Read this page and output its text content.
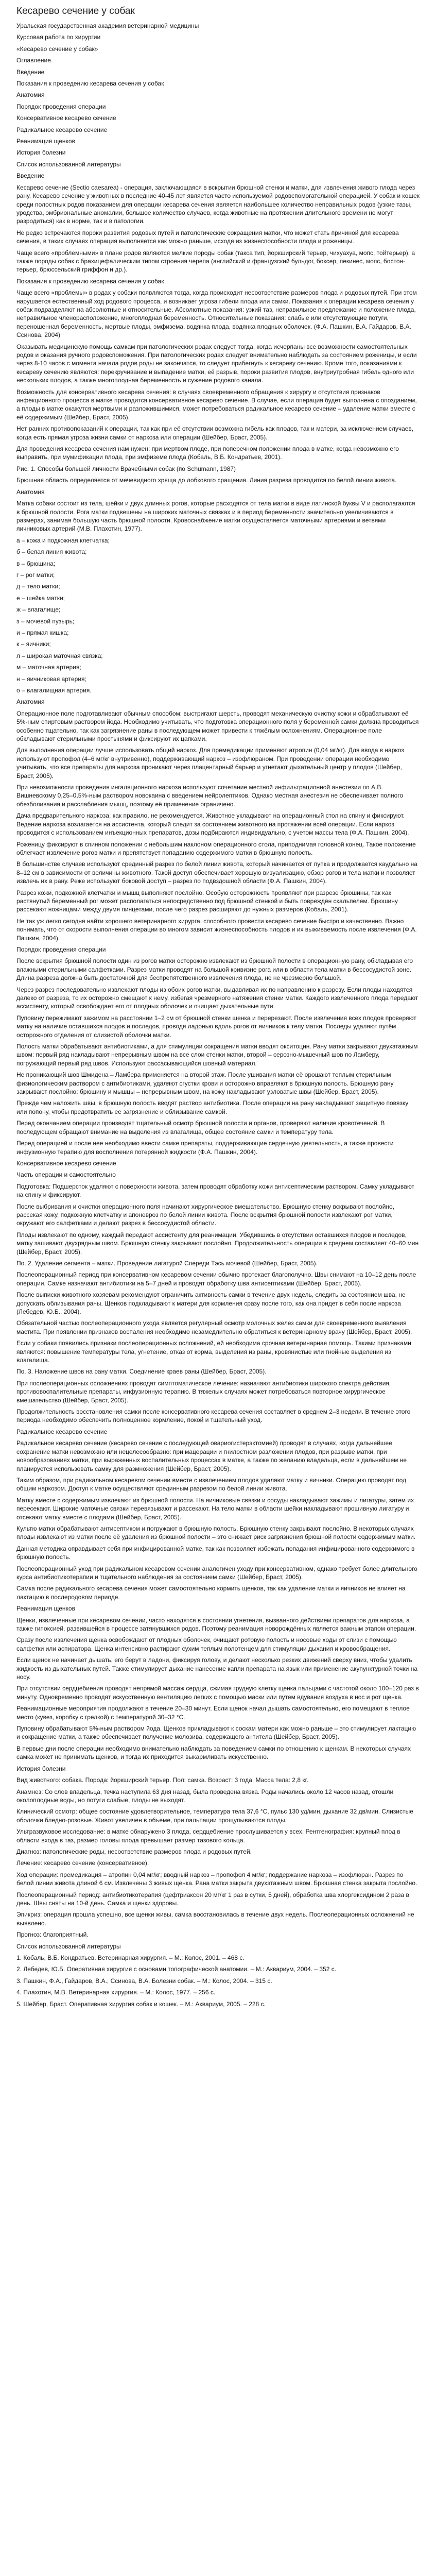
Кесарево сечение у собак

Уральская государственная академия ветеринарной медицины

Курсовая работа по хирургии

«Кесарево сечение у собак»

Оглавление

Введение

Показания к проведению кесарева сечения у собак

Анатомия

Порядок проведения операции

Консервативное кесарево сечение

Радикальное кесарево сечение

Реанимация щенков

История болезни

Список использованной литературы

Введение

Кесарево сечение (Sectio caesarea) - операция, заключающаяся в вскрытии брюшной стенки и матки, для извлечения живого плода через рану. Кесарево сечение у животных в последние 40-45 лет является часто используемой родовспомогательной операцией. У собак и кошек среди полостных родов показанием для операции кесарева сечения является наибольшее количество неправильных родов (узкие тазы, уродства, эмбриональные аномалии, большое количество случаев, когда животные на протяжении длительного времени не могут разродиться) как в норме, так и в патологии.

Не редко встречаются пороки развития родовых путей и патологические сокращения матки, что может стать причиной для кесарева сечения, в таких случаях операция выполняется как можно раньше, исходя из жизнеспособности плода и роженицы.

Чаще всего «проблемными» в плане родов являются мелкие породы собак (такса тип, йоркширский терьер, чихуахуа, мопс, тойтерьер), а также породы собак с брахицефалическим типом строения черепа (английский и французский бульдог, боксер, пекинес, мопс, бостон-терьер, брюссельский гриффон и др.).

Показания к проведению кесарева сечения у собак

Чаще всего «проблемы» в родах у собаки появляются тогда, когда происходит несоответствие размеров плода и родовых путей. При этом нарушается естественный ход родового процесса, и возникает угроза гибели плода или самки. Показания к операции кесарева сечения у собак подразделяют на абсолютные и относительные. Абсолютные показания: узкий таз, неправильное предлежание и положение плода, неправильное членорасположение, многоплодная беременность. Относительные показания: слабые или отсутствующие потуги, переношенная беременность, мертвые плоды, эмфизема, водянка плода, водянка плодных оболочек. (Ф.А. Пашкин, В.А. Гайдаров, В.А. Ссинова, 2004)

Оказывать медицинскую помощь самкам при патологических родах следует тогда, когда исчерпаны все возможности самостоятельных родов и оказания ручного родовспоможения. При патологических родах следует внимательно наблюдать за состоянием роженицы, и если через 8-10 часов с момента начала родов роды не закончатся, то следует прибегнуть к кесареву сечению. Кроме того, показаниями к кесареву сечению являются: перекручивание и выпадение матки, её разрыв, пороки развития плодов, внутриутробная гибель одного или нескольких плодов, а также многоплодная беременность и сужение родового канала.

Возможность для консервативного кесарева сечения: в случаях своевременного обращения к хирургу и отсутствия признаков инфекционного процесса в матке проводится консервативное кесарево сечение. В случае, если операция будет выполнена с опозданием, а плоды в матке окажутся мертвыми и разложившимися, может потребоваться радикальное кесарево сечение – удаление матки вместе с её содержимым (Шейбер, Браст, 2005).

Нет ранних противопоказаний к операции, так как при её отсутствии возможна гибель как плодов, так и матери, за исключением случаев, когда есть прямая угроза жизни самки от наркоза или операции (Шейбер, Браст, 2005).

Для проведения кесарева сечения нам нужен: при мертвом плоде, при поперечном положении плода в матке, когда невозможно его выправить, при мумификации плода, при эмфиземе плода (Кобаль, В.Б. Кондратьев, 2001).

Рис. 1. Способы большей личности Врачебными собак (по Schumann, 1987)

Брюшная область определяется от мечевидного хряща до лобкового сращения. Линия разреза проводится по белой линии живота.

Анатомия

Матка собаки состоит из тела, шейки и двух длинных рогов, которые расходятся от тела матки в виде латинской буквы V и располагаются в брюшной полости. Рога матки подвешены на широких маточных связках и в период беременности значительно увеличиваются в размерах, занимая большую часть брюшной полости. Кровоснабжение матки осуществляется маточными артериями и ветвями яичниковых артерий (М.В. Плахотин, 1977).

а – кожа и подкожная клетчатка;

б – белая линия живота;

в – брюшина;

г – рог матки;

д – тело матки;

е – шейка матки;

ж – влагалище;

з – мочевой пузырь;

и – прямая кишка;

к – яичники;

л – широкая маточная связка;

м – маточная артерия;

н – яичниковая артерия;

о – влагалищная артерия.

Анатомия

Операционное поле подготавливают обычным способом: выстригают шерсть, проводят механическую очистку кожи и обрабатывают её 5%-ным спиртовым раствором йода. Необходимо учитывать, что подготовка операционного поля у беременной самки должна проводиться особенно тщательно, так как загрязнение раны в последующем может привести к тяжёлым осложнениям. Операционное поле обкладывают стерильными простынями и фиксируют их цапками.

Для выполнения операции лучше использовать общий наркоз. Для премедикации применяют атропин (0,04 мг/кг). Для ввода в наркоз используют пропофол (4–6 мг/кг внутривенно), поддерживающий наркоз – изофлюраном. При проведении операции необходимо учитывать, что все препараты для наркоза проникают через плацентарный барьер и угнетают дыхательный центр у плодов (Шейбер, Браст, 2005).

При невозможности проведения ингаляционного наркоза используют сочетание местной инфильтрационной анестезии по А.В. Вишневскому 0,25–0,5%-ным раствором новокаина с введением нейролептиков. Однако местная анестезия не обеспечивает полного обезболивания и расслабления мышц, поэтому её применение ограничено.

Дача предварительного наркоза, как правило, не рекомендуется. Животное укладывают на операционный стол на спину и фиксируют. Ведение наркоза возлагается на ассистента, который следит за состоянием животного на протяжении всей операции. Если наркоз проводится с использованием инъекционных препаратов, дозы подбираются индивидуально, с учетом массы тела (Ф.А. Пашкин, 2004).

Роженицу фиксируют в спинном положении с небольшим наклоном операционного стола, приподнимая головной конец. Такое положение облегчает извлечение рогов матки и препятствует попаданию содержимого матки в брюшную полость.

В большинстве случаев используют срединный разрез по белой линии живота, который начинается от пупка и продолжается каудально на 8–12 см в зависимости от величины животного. Такой доступ обеспечивает хорошую визуализацию, обзор рогов и тела матки и позволяет извлечь их в рану. Реже используют боковой доступ – разрез по подвздошной области (Ф.А. Пашкин, 2004).

Разрез кожи, подкожной клетчатки и мышц выполняют послойно. Особую осторожность проявляют при разрезе брюшины, так как растянутый беременный рог может располагаться непосредственно под брюшной стенкой и быть повреждён скальпелем. Брюшину рассекают ножницами между двумя пинцетами, после чего разрез расширяют до нужных размеров (Кобаль, 2001).

Не так уж легко сегодня найти хорошего ветеринарного хирурга, способного провести кесарево сечение быстро и качественно. Важно понимать, что от скорости выполнения операции во многом зависит жизнеспособность плодов и их выживаемость после извлечения (Ф.А. Пашкин, 2004).

Порядок проведения операции

После вскрытия брюшной полости один из рогов матки осторожно извлекают из брюшной полости в операционную рану, обкладывая его влажными стерильными салфетками. Разрез матки проводят на большой кривизне рога или в области тела матки в бессосудистой зоне. Длина разреза должна быть достаточной для беспрепятственного извлечения плода, но не чрезмерно большой.

Через разрез последовательно извлекают плоды из обоих рогов матки, выдавливая их по направлению к разрезу. Если плоды находятся далеко от разреза, то их осторожно смещают к нему, избегая чрезмерного натяжения стенки матки. Каждого извлеченного плода передают ассистенту, который освобождает его от плодных оболочек и очищает дыхательные пути.

Пуповину пережимают зажимом на расстоянии 1–2 см от брюшной стенки щенка и перерезают. После извлечения всех плодов проверяют матку на наличие оставшихся плодов и последов, проводя ладонью вдоль рогов от яичников к телу матки. Последы удаляют путём осторожного отделения от слизистой оболочки матки.

Полость матки обрабатывают антибиотиками, а для стимуляции сокращения матки вводят окситоцин. Рану матки закрывают двухэтажным швом: первый ряд накладывают непрерывным швом на все слои стенки матки, второй – серозно-мышечный шов по Ламберу, погружающий первый ряд швов. Используют рассасывающийся шовный материал.

Не проникающий шов Шмидена – Ламбера применяется на второй этаж. После ушивания матки её орошают теплым стерильным физиологическим раствором с антибиотиками, удаляют сгустки крови и осторожно вправляют в брюшную полость. Брюшную рану закрывают послойно: брюшину и мышцы – непрерывным швом, на кожу накладывают узловатые швы (Шейбер, Браст, 2005).

Прежде чем наложить швы, в брюшную полость вводят раствор антибиотика. После операции на рану накладывают защитную повязку или попону, чтобы предотвратить ее загрязнение и облизывание самкой.

Перед окончанием операции производят тщательный осмотр брюшной полости и органов, проверяют наличие кровотечений. В последующем обращают внимание на выделения из влагалища, общее состояние самки и температуру тела.

Перед операцией и после нее необходимо ввести самке препараты, поддерживающие сердечную деятельность, а также провести инфузионную терапию для восполнения потерянной жидкости (Ф.А. Пашкин, 2004).

Консервативное кесарево сечение

Часть операции и самостоятельно

Подготовка: Подшерсток удаляют с поверхности живота, затем проводят обработку кожи антисептическим раствором. Самку укладывают на спину и фиксируют.

После выбривания и очистки операционного поля начинают хирургическое вмешательство. Брюшную стенку вскрывают послойно, рассекая кожу, подкожную клетчатку и апоневроз по белой линии живота. После вскрытия брюшной полости извлекают рог матки, окружают его салфетками и делают разрез в бессосудистой области.

Плоды извлекают по одному, каждый передают ассистенту для реанимации. Убедившись в отсутствии оставшихся плодов и последов, матку зашивают двухрядным швом. Брюшную стенку закрывают послойно. Продолжительность операции в среднем составляет 40–60 мин (Шейбер, Браст, 2005).

Пo. 2. Удаление сегмента – матки. Проведение лигатурой Спереди Тэсь мочевой (Шейбер, Браст, 2005).

Послеоперационный период при консервативном кесаревом сечении обычно протекает благополучно. Швы снимают на 10–12 день после операции. Самке назначают антибиотики на 5–7 дней и проводят обработку шва антисептиками (Шейбер, Браст, 2005).

После выписки животного хозяевам рекомендуют ограничить активность самки в течение двух недель, следить за состоянием шва, не допускать облизывания раны. Щенков подкладывают к матери для кормления сразу после того, как она придет в себя после наркоза (Лебедев, Ю.Б., 2004).

Обязательной частью послеоперационного ухода является регулярный осмотр молочных желез самки для своевременного выявления мастита. При появлении признаков воспаления необходимо незамедлительно обратиться к ветеринарному врачу (Шейбер, Браст, 2005).

Если у собаки появились признаки послеоперационных осложнений, ей необходима срочная ветеринарная помощь. Такими признаками являются: повышение температуры тела, угнетение, отказ от корма, выделения из раны, кровянистые или гнойные выделения из влагалища.

Пo. 3. Наложение швов на рану матки. Соединение краев раны (Шейбер, Браст, 2005).

При послеоперационных осложнениях проводят симптоматическое лечение: назначают антибиотики широкого спектра действия, противовоспалительные препараты, инфузионную терапию. В тяжелых случаях может потребоваться повторное хирургическое вмешательство (Шейбер, Браст, 2005).

Продолжительность восстановления самки после консервативного кесарева сечения составляет в среднем 2–3 недели. В течение этого периода необходимо обеспечить полноценное кормление, покой и тщательный уход.

Радикальное кесарево сечение

Радикальное кесарево сечение (кесарево сечение с последующей овариогистерэктомией) проводят в случаях, когда дальнейшее сохранение матки невозможно или нецелесообразно: при мацерации и гнилостном разложении плодов, при разрыве матки, при новообразованиях матки, при выраженных воспалительных процессах в матке, а также по желанию владельца, если в дальнейшем не планируется использовать самку для размножения (Шейбер, Браст, 2005).

Таким образом, при радикальном кесаревом сечении вместе с извлечением плодов удаляют матку и яичники. Операцию проводят под общим наркозом. Доступ к матке осуществляют срединным разрезом по белой линии живота.

Матку вместе с содержимым извлекают из брюшной полости. На яичниковые связки и сосуды накладывают зажимы и лигатуры, затем их пересекают. Широкие маточные связки перевязывают и рассекают. На тело матки в области шейки накладывают прошивную лигатуру и отсекают матку вместе с плодами (Шейбер, Браст, 2005).

Культю матки обрабатывают антисептиком и погружают в брюшную полость. Брюшную стенку закрывают послойно. В некоторых случаях плоды извлекают из матки после её удаления из брюшной полости – это снижает риск загрязнения брюшной полости содержимым матки.

Данная методика оправдывает себя при инфицированной матке, так как позволяет избежать попадания инфицированного содержимого в брюшную полость.

Послеоперационный уход при радикальном кесаревом сечении аналогичен уходу при консервативном, однако требует более длительного курса антибиотикотерапии и тщательного наблюдения за состоянием самки (Шейбер, Браст, 2005).

Самка после радикального кесарева сечения может самостоятельно кормить щенков, так как удаление матки и яичников не влияет на лактацию в послеродовом периоде.

Реанимация щенков

Щенки, извлеченные при кесаревом сечении, часто находятся в состоянии угнетения, вызванного действием препаратов для наркоза, а также гипоксией, развившейся в процессе затянувшихся родов. Поэтому реанимация новорождённых является важным этапом операции.

Сразу после извлечения щенка освобождают от плодных оболочек, очищают ротовую полость и носовые ходы от слизи с помощью салфетки или аспиратора. Щенка интенсивно растирают сухим теплым полотенцем для стимуляции дыхания и кровообращения.

Если щенок не начинает дышать, его берут в ладони, фиксируя голову, и делают несколько резких движений сверху вниз, чтобы удалить жидкость из дыхательных путей. Также стимулирует дыхание нанесение капли препарата на язык или применение акупунктурной точки на носу.

При отсутствии сердцебиения проводят непрямой массаж сердца, сжимая грудную клетку щенка пальцами с частотой около 100–120 раз в минуту. Одновременно проводят искусственную вентиляцию легких с помощью маски или путем вдувания воздуха в нос и рот щенка.

Реанимационные мероприятия продолжают в течение 20–30 минут. Если щенок начал дышать самостоятельно, его помещают в теплое место (кувез, коробку с грелкой) с температурой 30–32 °С.

Пуповину обрабатывают 5%-ным раствором йода. Щенков прикладывают к соскам матери как можно раньше – это стимулирует лактацию и сокращение матки, а также обеспечивает получение молозива, содержащего антитела (Шейбер, Браст, 2005).

В первые дни после операции необходимо внимательно наблюдать за поведением самки по отношению к щенкам. В некоторых случаях самка может не принимать щенков, и тогда их приходится выкармливать искусственно.

История болезни

Вид животного: собака. Порода: йоркширский терьер. Пол: самка. Возраст: 3 года. Масса тела: 2,8 кг.

Анамнез: Со слов владельца, течка наступила 63 дня назад, была проведена вязка. Роды начались около 12 часов назад, отошли околоплодные воды, но потуги слабые, плоды не выходят.

Клинический осмотр: общее состояние удовлетворительное, температура тела 37,6 °С, пульс 130 уд/мин, дыхание 32 дв/мин. Слизистые оболочки бледно-розовые. Живот увеличен в объеме, при пальпации прощупываются плоды.

Ультразвуковое исследование: в матке обнаружено 3 плода, сердцебиение прослушивается у всех. Рентгенография: крупный плод в области входа в таз, размер головы плода превышает размер тазового кольца.

Диагноз: патологические роды, несоответствие размеров плода и родовых путей.

Лечение: кесарево сечение (консервативное).

Ход операции: премедикация – атропин 0,04 мг/кг; вводный наркоз – пропофол 4 мг/кг; поддержание наркоза – изофлюран. Разрез по белой линии живота длиной 6 см. Извлечены 3 живых щенка. Рана матки закрыта двухэтажным швом. Брюшная стенка закрыта послойно.

Послеоперационный период: антибиотикотерапия (цефтриаксон 20 мг/кг 1 раз в сутки, 5 дней), обработка шва хлоргексидином 2 раза в день. Швы сняты на 10-й день. Самка и щенки здоровы.

Эпикриз: операция прошла успешно, все щенки живы, самка восстановилась в течение двух недель. Послеоперационных осложнений не выявлено.

Прогноз: благоприятный.

Список использованной литературы

1. Кобаль, В.Б. Кондратьев. Ветеринарная хирургия. – М.: Колос, 2001. – 468 с.

2. Лебедев, Ю.Б. Оперативная хирургия с основами топографической анатомии. – М.: Аквариум, 2004. – 352 с.

3. Пашкин, Ф.А., Гайдаров, В.А., Ссинова, В.А. Болезни собак. – М.: Колос, 2004. – 315 с.

4. Плахотин, М.В. Ветеринарная хирургия. – М.: Колос, 1977. – 256 с.

5. Шейбер, Браст. Оперативная хирургия собак и кошек. – М.: Аквариум, 2005. – 228 с.
